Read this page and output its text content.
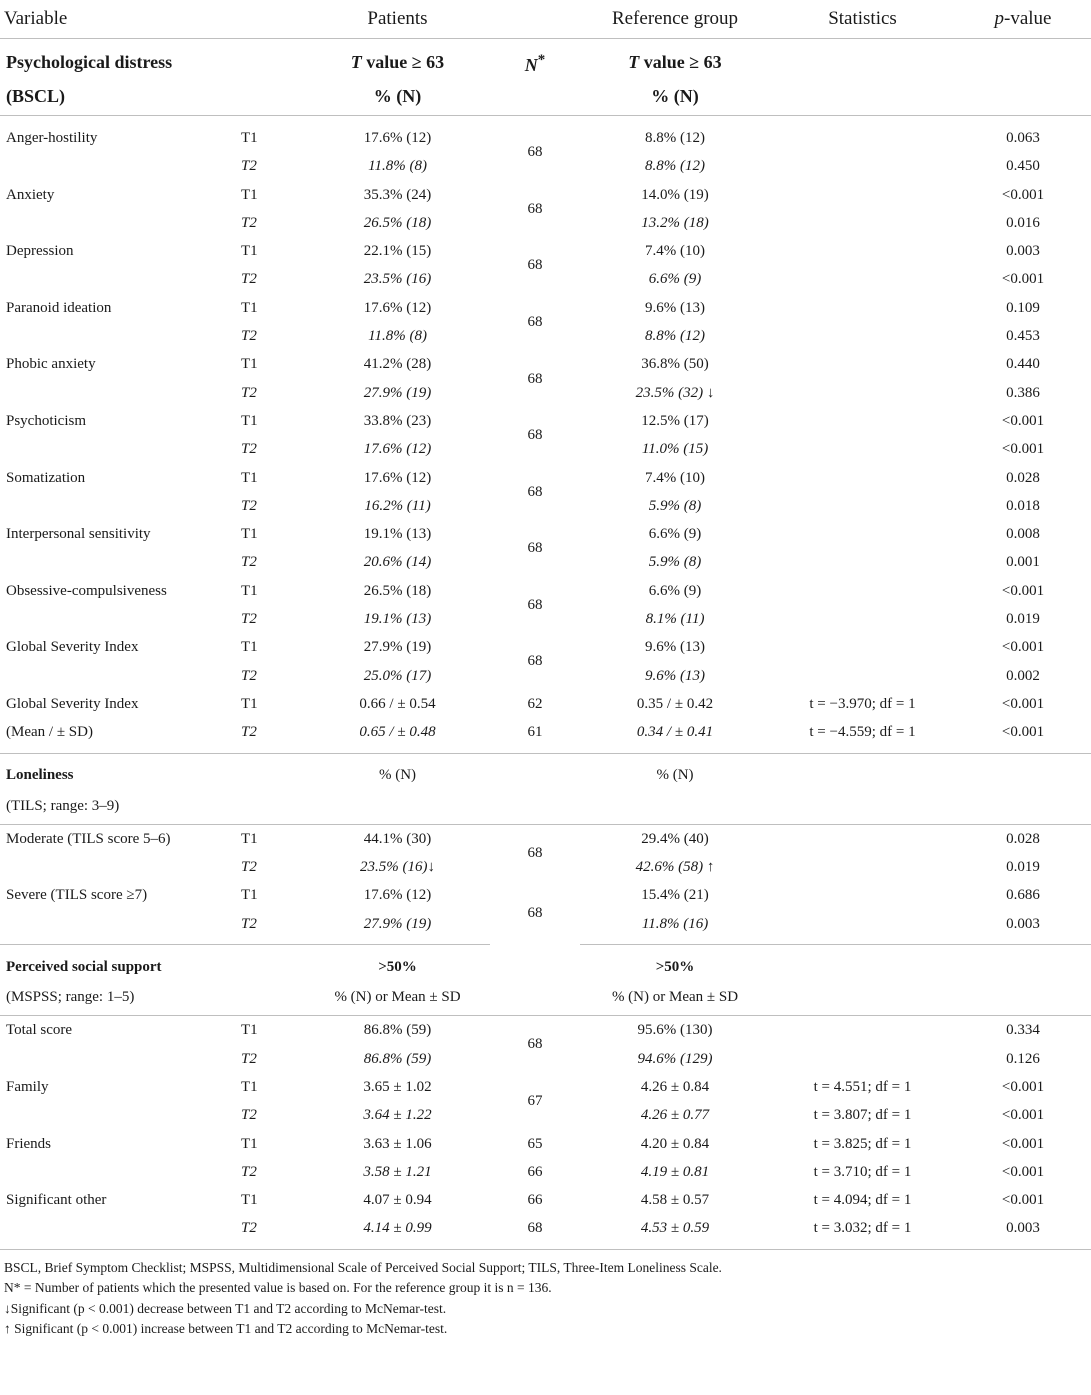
Variable		Patients		Reference group	Statistics	p-value
Psychological distress		T value ≥ 63	N*	T value ≥ 63		
(BSCL)		% (N)		% (N)		

Anger-hostility	T1	17.6% (12)	68	8.8% (12)		0.063
	T2	11.8% (8)		8.8% (12)		0.450
Anxiety	T1	35.3% (24)	68	14.0% (19)		<0.001
	T2	26.5% (18)		13.2% (18)		0.016
Depression	T1	22.1% (15)	68	7.4% (10)		0.003
	T2	23.5% (16)		6.6% (9)		<0.001
Paranoid ideation	T1	17.6% (12)	68	9.6% (13)		0.109
	T2	11.8% (8)		8.8% (12)		0.453
Phobic anxiety	T1	41.2% (28)	68	36.8% (50)		0.440
	T2	27.9% (19)		23.5% (32) ↓		0.386
Psychoticism	T1	33.8% (23)	68	12.5% (17)		<0.001
	T2	17.6% (12)		11.0% (15)		<0.001
Somatization	T1	17.6% (12)	68	7.4% (10)		0.028
	T2	16.2% (11)		5.9% (8)		0.018
Interpersonal sensitivity	T1	19.1% (13)	68	6.6% (9)		0.008
	T2	20.6% (14)		5.9% (8)		0.001
Obsessive-compulsiveness	T1	26.5% (18)	68	6.6% (9)		<0.001
	T2	19.1% (13)		8.1% (11)		0.019
Global Severity Index	T1	27.9% (19)	68	9.6% (13)		<0.001
	T2	25.0% (17)		9.6% (13)		0.002
Global Severity Index	T1	0.66 / ± 0.54	62	0.35 / ± 0.42	t = −3.970; df = 1	<0.001
(Mean / ± SD)	T2	0.65 / ± 0.48	61	0.34 / ± 0.41	t = −4.559; df = 1	<0.001
Loneliness		% (N)		% (N)		
(TILS; range: 3–9)						
Moderate (TILS score 5–6)	T1	44.1% (30)	68	29.4% (40)		0.028
	T2	23.5% (16)↓		42.6% (58) ↑		0.019
Severe (TILS score ≥7)	T1	17.6% (12)	68	15.4% (21)		0.686
	T2	27.9% (19)		11.8% (16)		0.003
Perceived social support		>50%		>50%		
(MSPSS; range: 1–5)		% (N) or Mean ± SD		% (N) or Mean ± SD		
Total score	T1	86.8% (59)	68	95.6% (130)		0.334
	T2	86.8% (59)		94.6% (129)		0.126
Family	T1	3.65 ± 1.02	67	4.26 ± 0.84	t = 4.551; df = 1	<0.001
	T2	3.64 ± 1.22		4.26 ± 0.77	t = 3.807; df = 1	<0.001
Friends	T1	3.63 ± 1.06	65	4.20 ± 0.84	t = 3.825; df = 1	<0.001
	T2	3.58 ± 1.21	66	4.19 ± 0.81	t = 3.710; df = 1	<0.001
Significant other	T1	4.07 ± 0.94	66	4.58 ± 0.57	t = 4.094; df = 1	<0.001
	T2	4.14 ± 0.99	68	4.53 ± 0.59	t = 3.032; df = 1	0.003

BSCL, Brief Symptom Checklist; MSPSS, Multidimensional Scale of Perceived Social Support; TILS, Three-Item Loneliness Scale.

N* = Number of patients which the presented value is based on. For the reference group it is n = 136.

↓Significant (p < 0.001) decrease between T1 and T2 according to McNemar-test.

↑ Significant (p < 0.001) increase between T1 and T2 according to McNemar-test.
